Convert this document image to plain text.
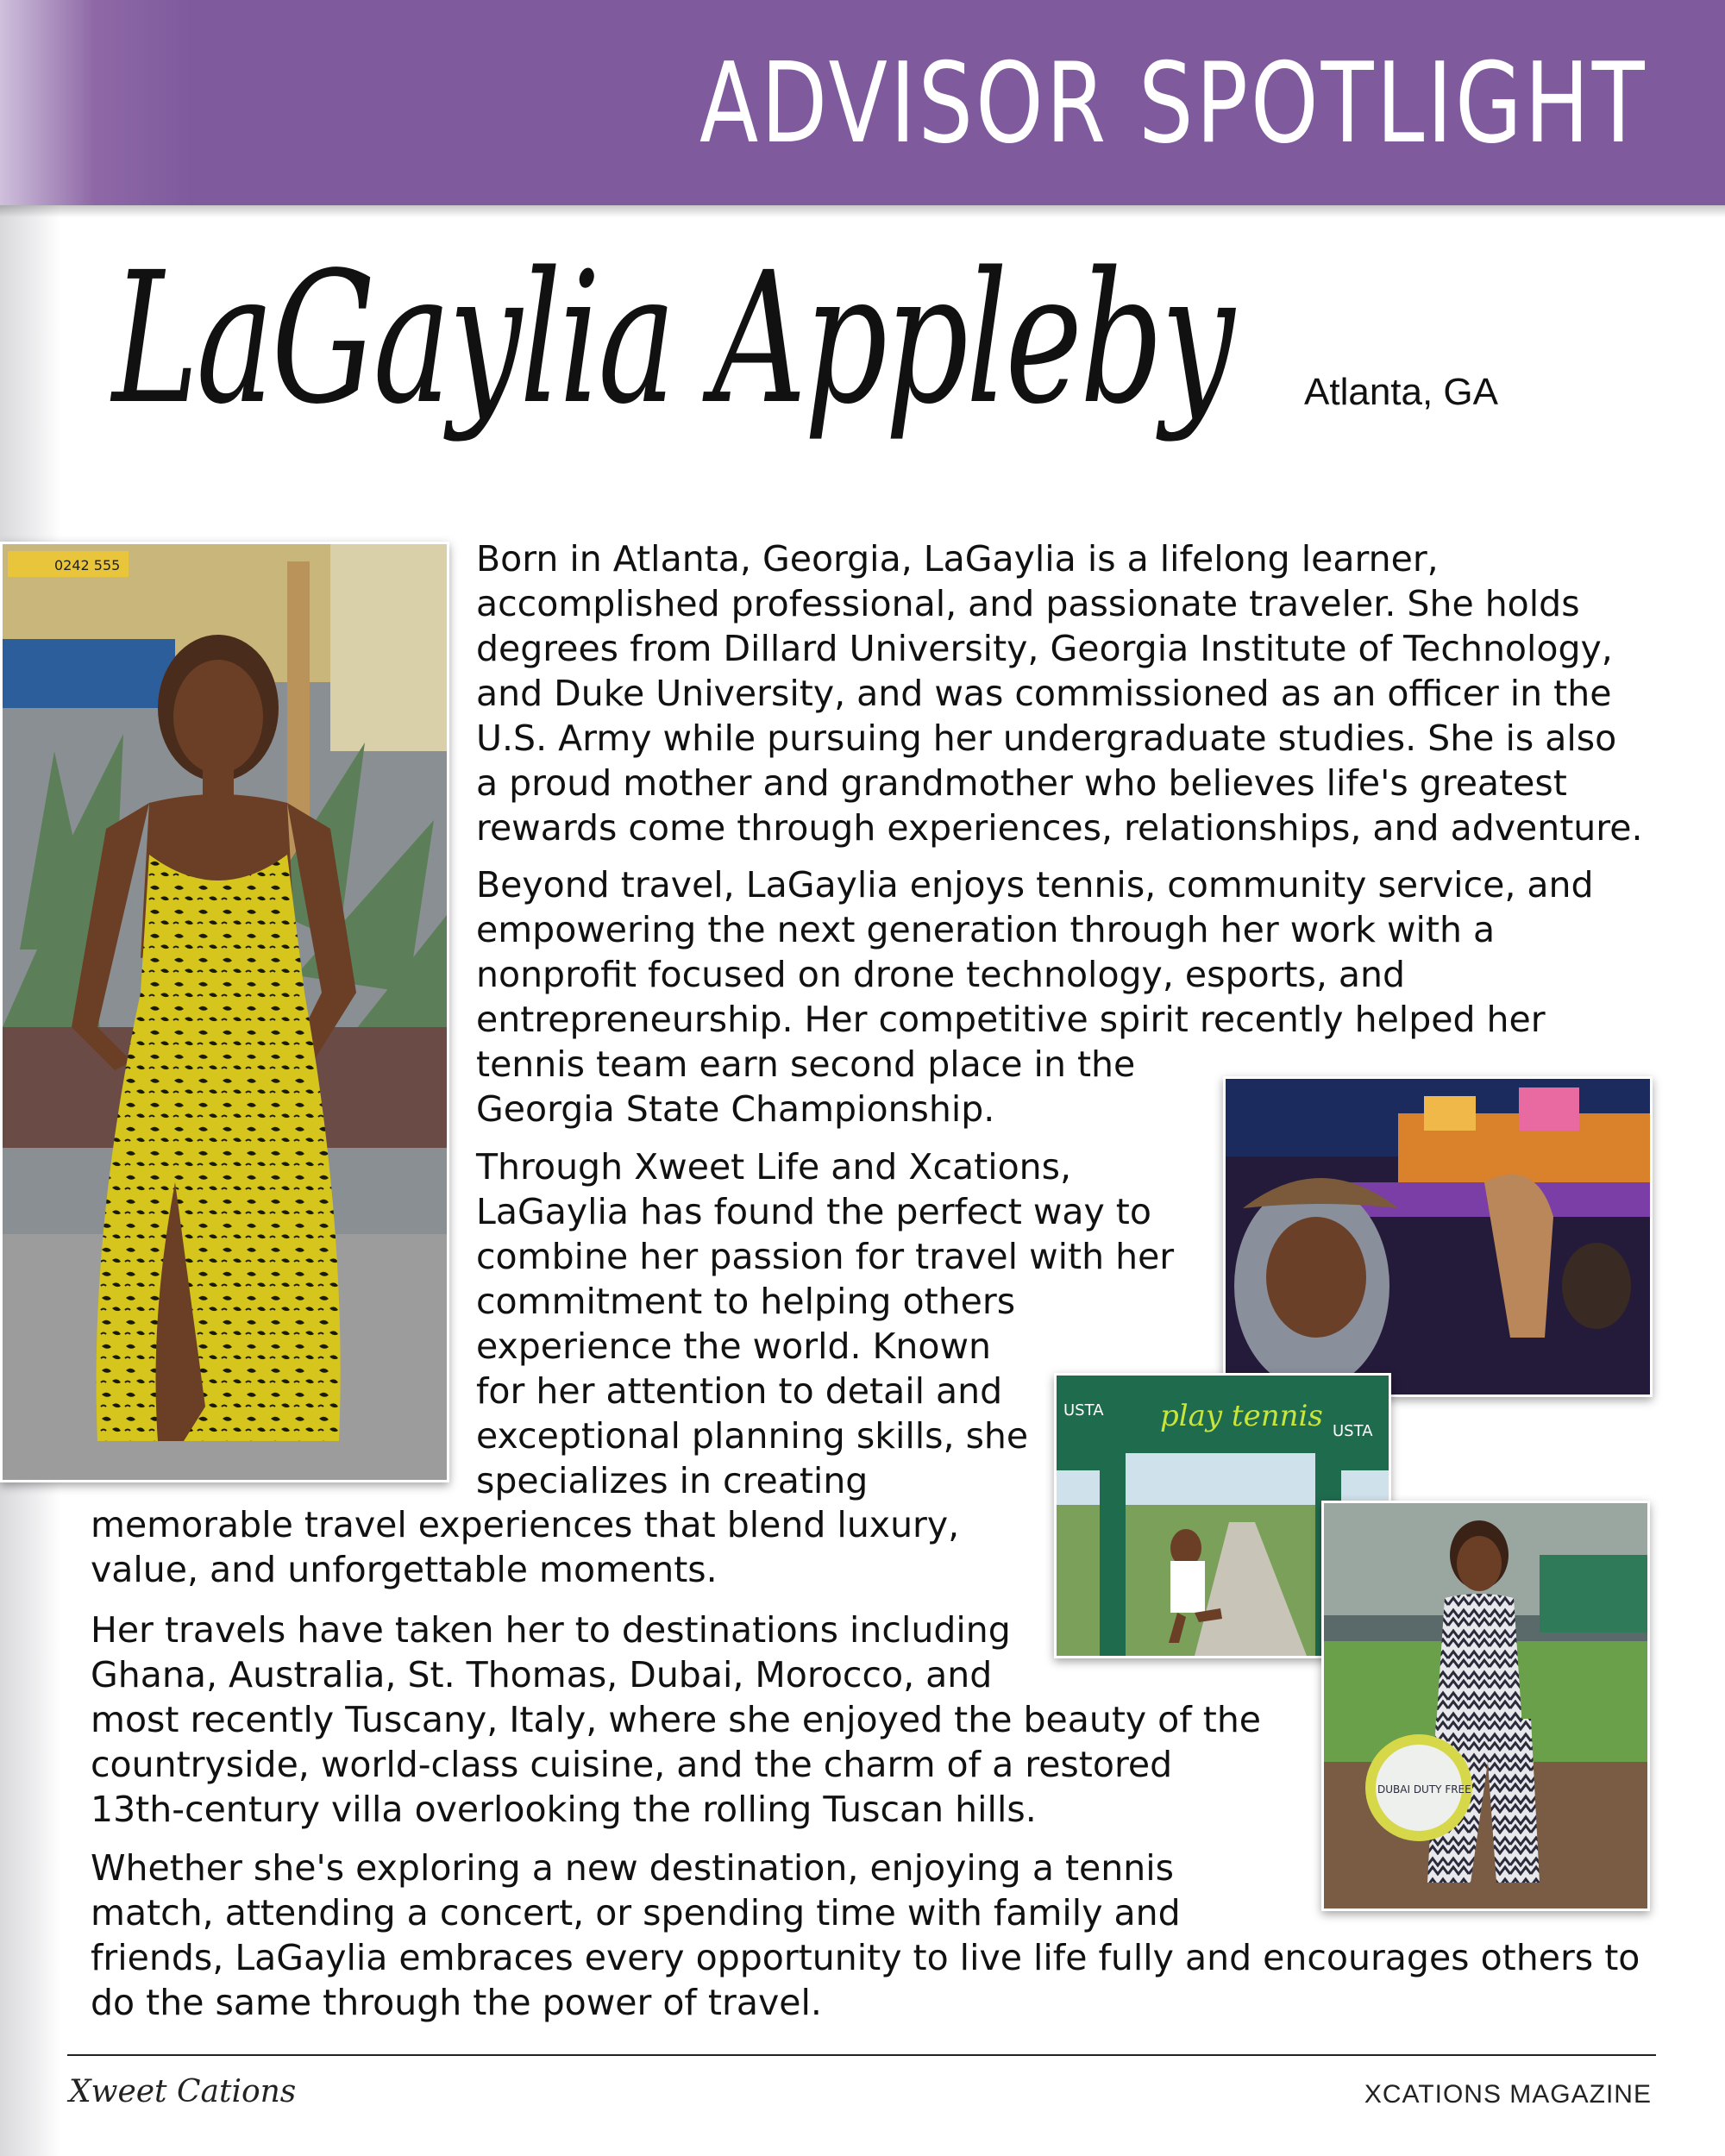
ADVISOR SPOTLIGHT
LaGaylia Appleby Atlanta, GA
0242 555
play tennis
USTA
USTA
DUBAI DUTY FREE

Born in Atlanta, Georgia, LaGaylia is a lifelong learner,
accomplished professional, and passionate traveler. She holds
degrees from Dillard University, Georgia Institute of Technology,
and Duke University, and was commissioned as an officer in the
U.S. Army while pursuing her undergraduate studies. She is also
a proud mother and grandmother who believes life's greatest
rewards come through experiences, relationships, and adventure.

Beyond travel, LaGaylia enjoys tennis, community service, and
empowering the next generation through her work with a
nonprofit focused on drone technology, esports, and
entrepreneurship. Her competitive spirit recently helped her
tennis team earn second place in the
Georgia State Championship.

Through Xweet Life and Xcations,
LaGaylia has found the perfect way to
combine her passion for travel with her
commitment to helping others
experience the world. Known
for her attention to detail and
exceptional planning skills, she
specializes in creating

memorable travel experiences that blend luxury,
value, and unforgettable moments.

Her travels have taken her to destinations including
Ghana, Australia, St. Thomas, Dubai, Morocco, and
most recently Tuscany, Italy, where she enjoyed the beauty of the
countryside, world-class cuisine, and the charm of a restored
13th-century villa overlooking the rolling Tuscan hills.

Whether she's exploring a new destination, enjoying a tennis
match, attending a concert, or spending time with family and
friends, LaGaylia embraces every opportunity to live life fully and encourages others to
do the same through the power of travel.

Xweet Cations	XCATIONS MAGAZINE
